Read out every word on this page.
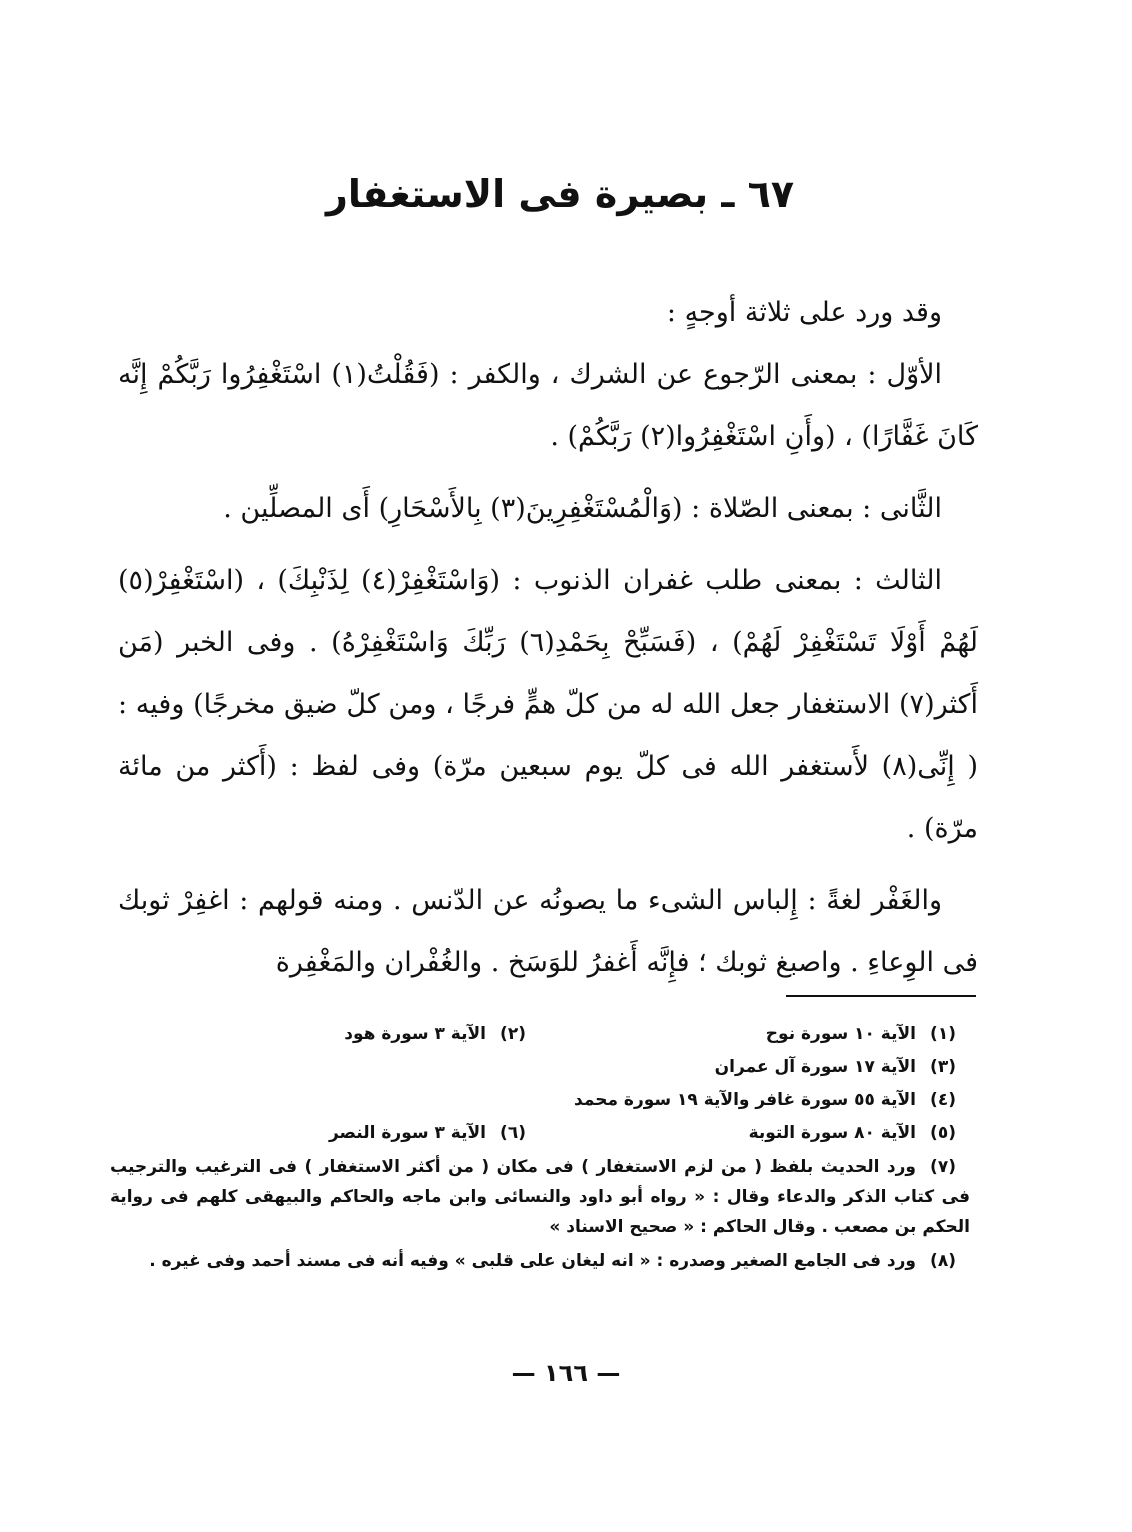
٦٧ ـ بصيرة فى الاستغفار

وقد ورد على ثلاثة أوجهٍ :

الأوّل : بمعنى الرّجوع عن الشرك ، والكفر : (فَقُلْتُ(١) اسْتَغْفِرُوا رَبَّكُمْ إِنَّه كَانَ غَفَّارًا) ، (وأَنِ اسْتَغْفِرُوا(٢) رَبَّكُمْ) .

الثَّانى : بمعنى الصّلاة : (وَالْمُسْتَغْفِرِينَ(٣) بِالأَسْحَارِ) أَى المصلِّين .

الثالث : بمعنى طلب غفران الذنوب : (وَاسْتَغْفِرْ(٤) لِذَنْبِكَ) ، (اسْتَغْفِرْ(٥) لَهُمْ أَوْلَا تَسْتَغْفِرْ لَهُمْ) ، (فَسَبِّحْ بِحَمْدِ(٦) رَبِّكَ وَاسْتَغْفِرْهُ) . وفى الخبر (مَن أَكثر(٧) الاستغفار جعل الله له من كلّ همٍّ فرجًا ، ومن كلّ ضيق مخرجًا) وفيه : ( إِنِّى(٨) لأَستغفر الله فى كلّ يوم سبعين مرّة) وفى لفظ : (أَكثر من مائة مرّة) .

والغَفْر لغةً : إِلباس الشىء ما يصونُه عن الدّنس . ومنه قولهم : اغفِرْ ثوبك فى الوِعاءِ . واصبغ ثوبك ؛ فإِنَّه أَغفرُ للوَسَخ . والغُفْران والمَغْفِرة

(١)الآية ١٠ سورة نوح
(٢)الآية ٣ سورة هود
(٣)الآية ١٧ سورة آل عمران
(٤)الآية ٥٥ سورة غافر والآية ١٩ سورة محمد
(٥)الآية ٨٠ سورة التوبة
(٦)الآية ٣ سورة النصر
(٧)ورد الحديث بلفظ ( من لزم الاستغفار ) فى مكان ( من أكثر الاستغفار ) فى الترغيب والترجيب فى كتاب الذكر والدعاء وقال : « رواه أبو داود والنسائى وابن ماجه والحاكم والبيهقى كلهم فى رواية الحكم بن مصعب . وقال الحاكم : « صحيح الاسناد »
(٨)ورد فى الجامع الصغير وصدره : « انه ليغان على قلبى » وفيه أنه فى مسند أحمد وفى غيره .
— ١٦٦ —
